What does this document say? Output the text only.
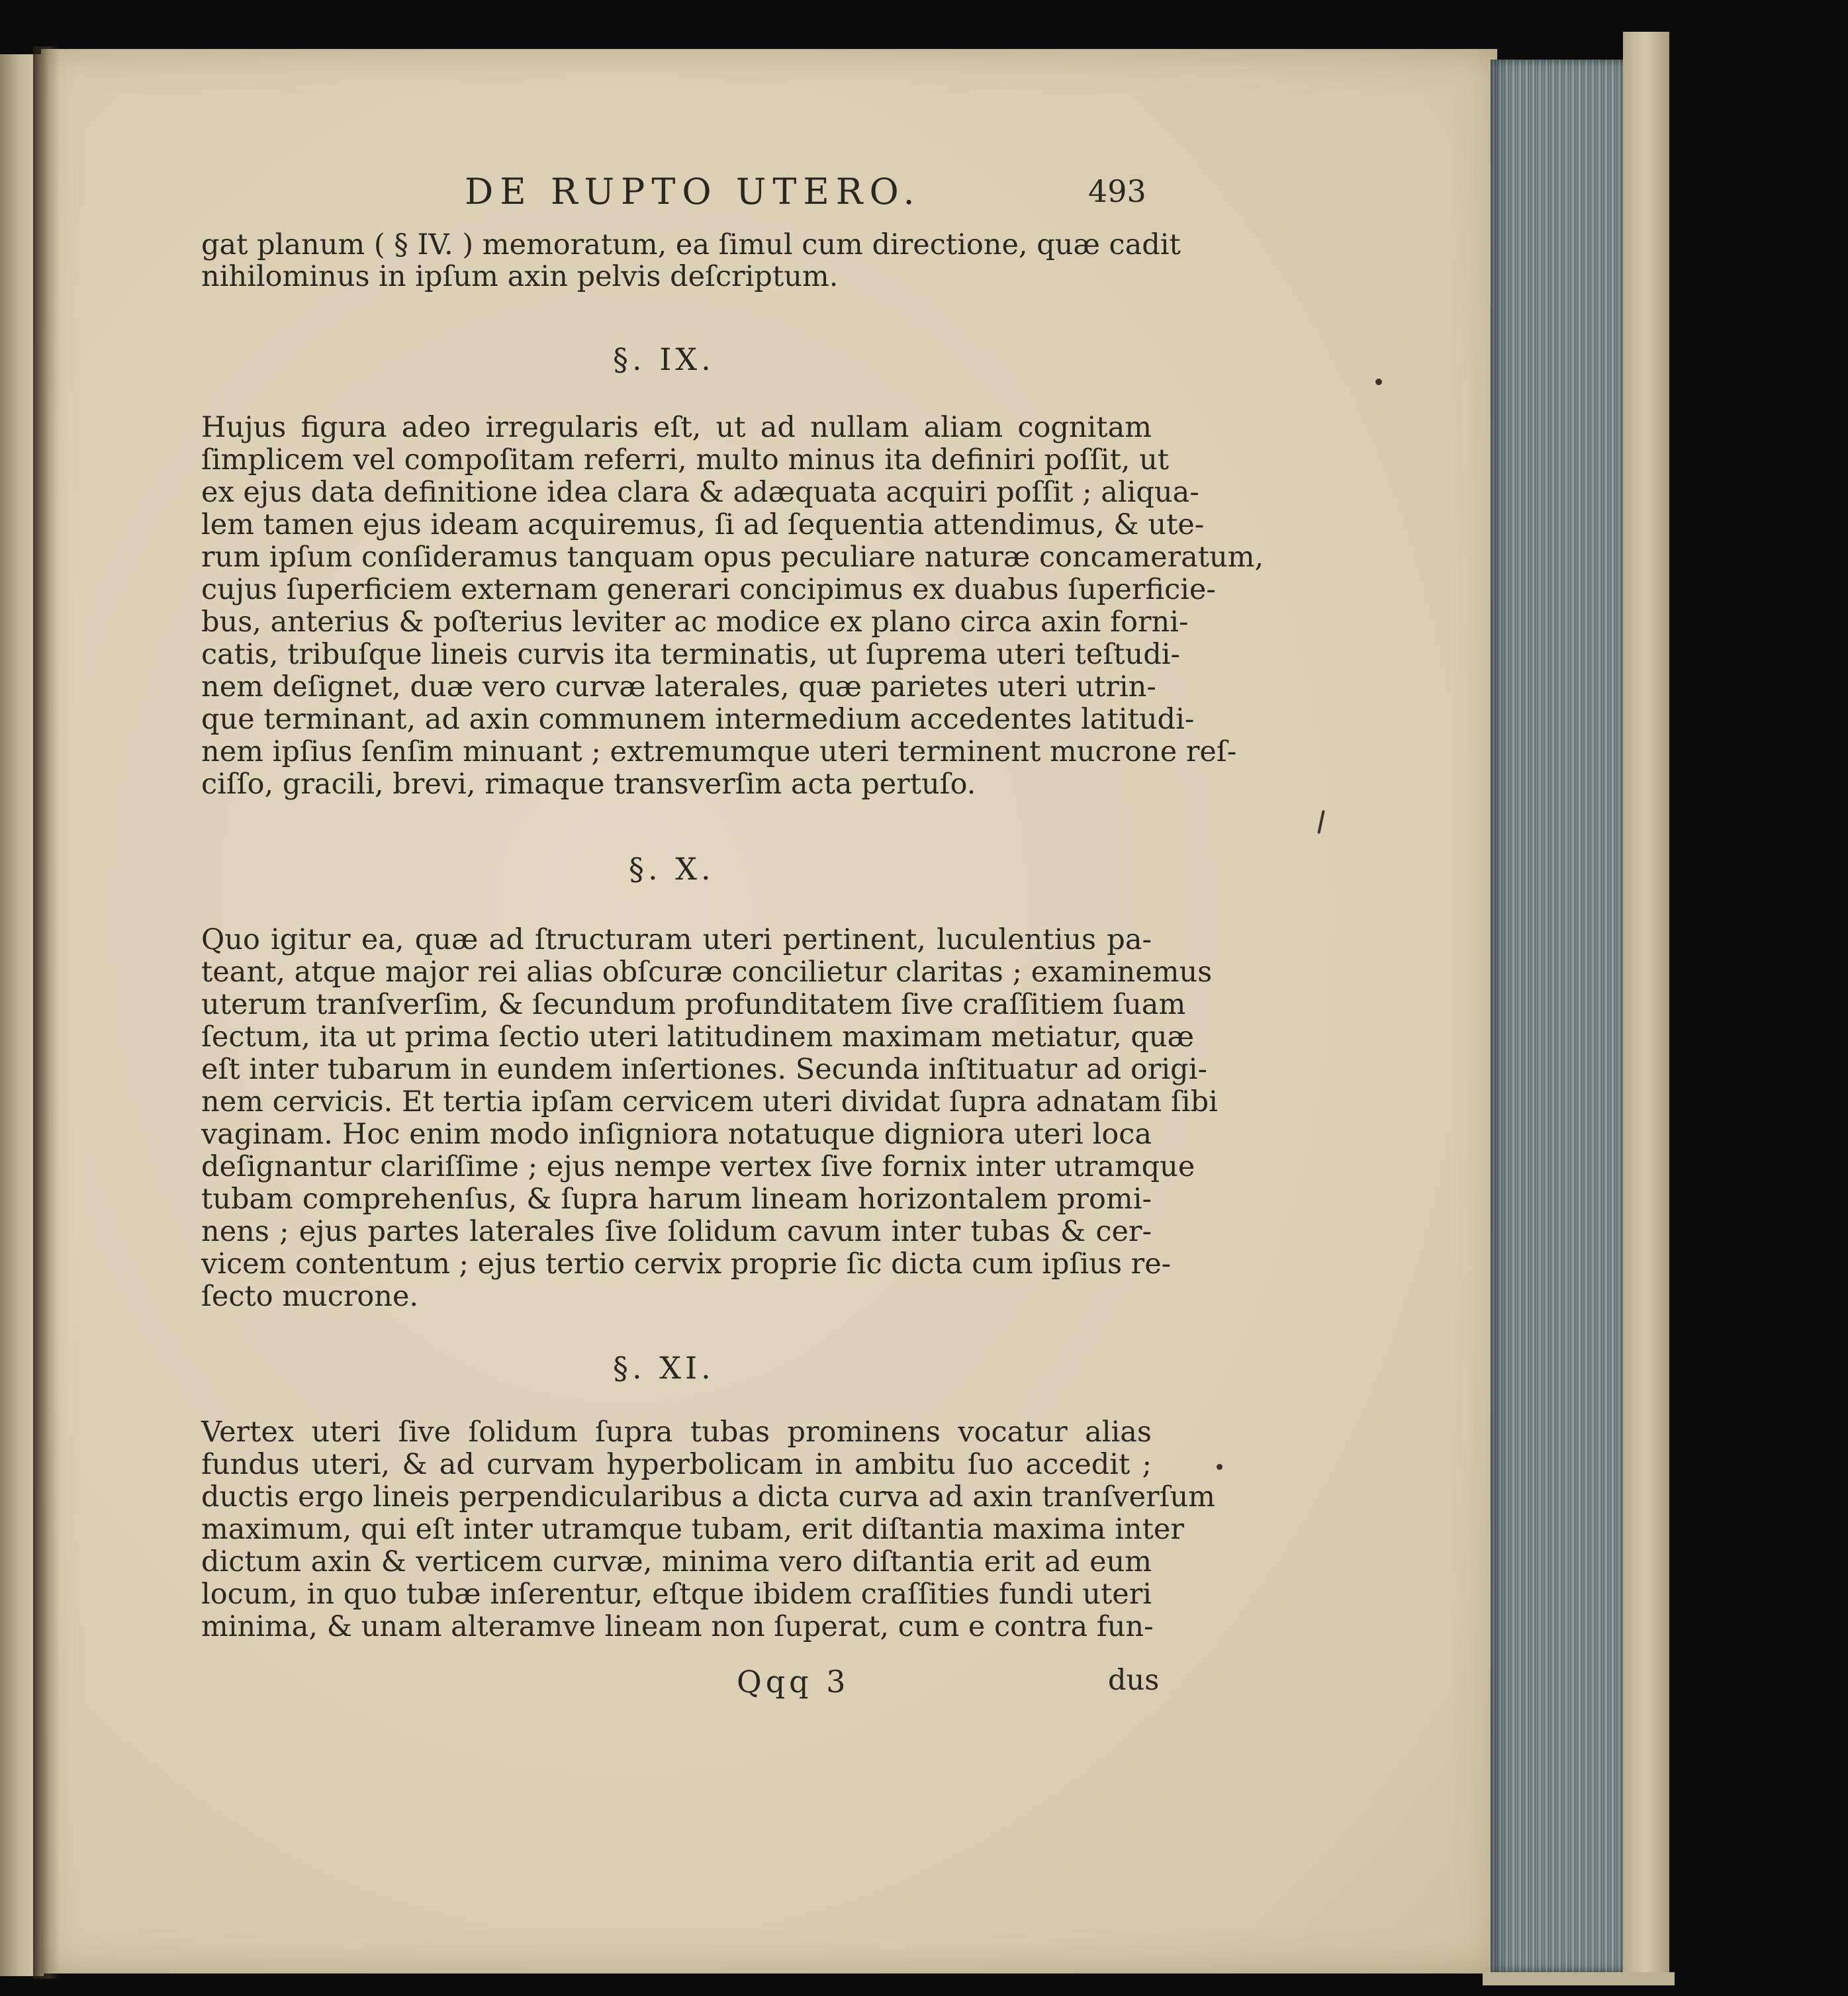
DE RUPTO UTERO.	493

gat planum ( § IV. ) memoratum, ea ſimul cum directione, quæ cadit

nihilominus in ipſum axin pelvis deſcriptum.

§. IX.

Hujus figura adeo irregularis eſt, ut ad nullam aliam cognitam

ſimplicem vel compoſitam referri, multo minus ita definiri poſſit, ut

ex ejus data definitione idea clara & adæquata acquiri poſſit ; aliqua-

lem tamen ejus ideam acquiremus, ſi ad ſequentia attendimus, & ute-

rum ipſum conſideramus tanquam opus peculiare naturæ concameratum,

cujus ſuperficiem externam generari concipimus ex duabus ſuperficie-

bus, anterius & poſterius leviter ac modice ex plano circa axin forni-

catis, tribuſque lineis curvis ita terminatis, ut ſuprema uteri teſtudi-

nem deſignet, duæ vero curvæ laterales, quæ parietes uteri utrin-

que terminant, ad axin communem intermedium accedentes latitudi-

nem ipſius ſenſim minuant ; extremumque uteri terminent mucrone reſ-

ciſſo, gracili, brevi, rimaque transverſim acta pertuſo.

§. X.

Quo igitur ea, quæ ad ſtructuram uteri pertinent, luculentius pa-

teant, atque major rei alias obſcuræ concilietur claritas ; examinemus

uterum tranſverſim, & ſecundum profunditatem ſive craſſitiem ſuam

ſectum, ita ut prima ſectio uteri latitudinem maximam metiatur, quæ

eſt inter tubarum in eundem inſertiones. Secunda inſtituatur ad origi-

nem cervicis. Et tertia ipſam cervicem uteri dividat ſupra adnatam ſibi

vaginam. Hoc enim modo inſigniora notatuque digniora uteri loca

deſignantur clariſſime ; ejus nempe vertex ſive fornix inter utramque

tubam comprehenſus, & ſupra harum lineam horizontalem promi-

nens ; ejus partes laterales ſive ſolidum cavum inter tubas & cer-

vicem contentum ; ejus tertio cervix proprie ſic dicta cum ipſius re-

ſecto mucrone.

§. XI.

Vertex uteri ſive ſolidum ſupra tubas prominens vocatur alias

fundus uteri, & ad curvam hyperbolicam in ambitu ſuo accedit ;

ductis ergo lineis perpendicularibus a dicta curva ad axin tranſverſum

maximum, qui eſt inter utramque tubam, erit diſtantia maxima inter

dictum axin & verticem curvæ, minima vero diſtantia erit ad eum

locum, in quo tubæ inſerentur, eſtque ibidem craſſities fundi uteri

minima, & unam alteramve lineam non ſuperat, cum e contra fun-

Qqq 3	dus
